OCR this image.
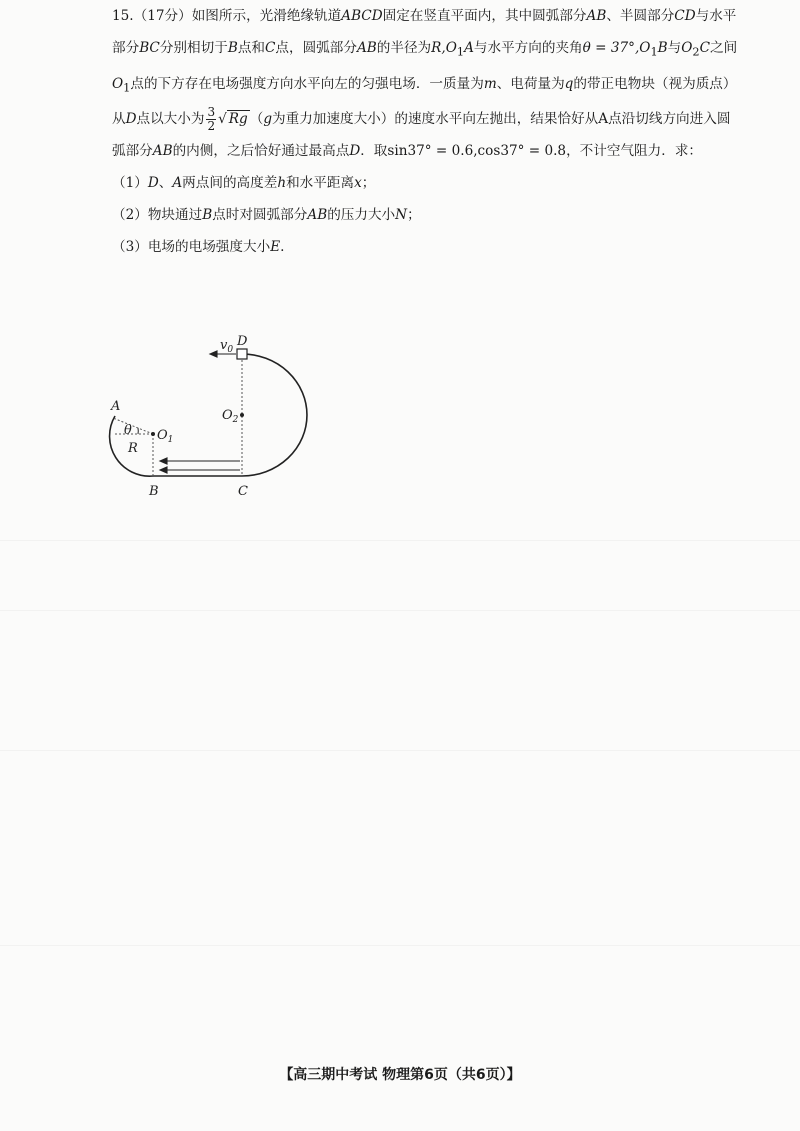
15.（17分）如图所示，光滑绝缘轨道ABCD固定在竖直平面内，其中圆弧部分AB、半圆部分CD与水平

部分BC分别相切于B点和C点，圆弧部分AB的半径为$R,O_1A$与水平方向的夹角$\theta = 37^\circ,O_1B$与$O_2C$之间

$O_1$点的下方存在电场强度方向水平向左的匀强电场．一质量为m、电荷量为q的带正电物块（视为质点）

从D点以大小为 $\frac{3}{2}$ √ Rg （g为重力加速度大小）的速度水平向左抛出，结果恰好从A点沿切线方向进入圆

弧部分AB的内侧，之后恰好通过最高点D．取sin37° = 0.6,cos37° = 0.8，不计空气阻力．求：

（1）D、A两点间的高度差h和水平距离x；

（2）物块通过B点时对圆弧部分AB的压力大小N；

（3）电场的电场强度大小E.

$v_0$
D
A
θ $O_1$
$O_2$
R
B	C
【高三期中考试 物理第6页（共6页）】
